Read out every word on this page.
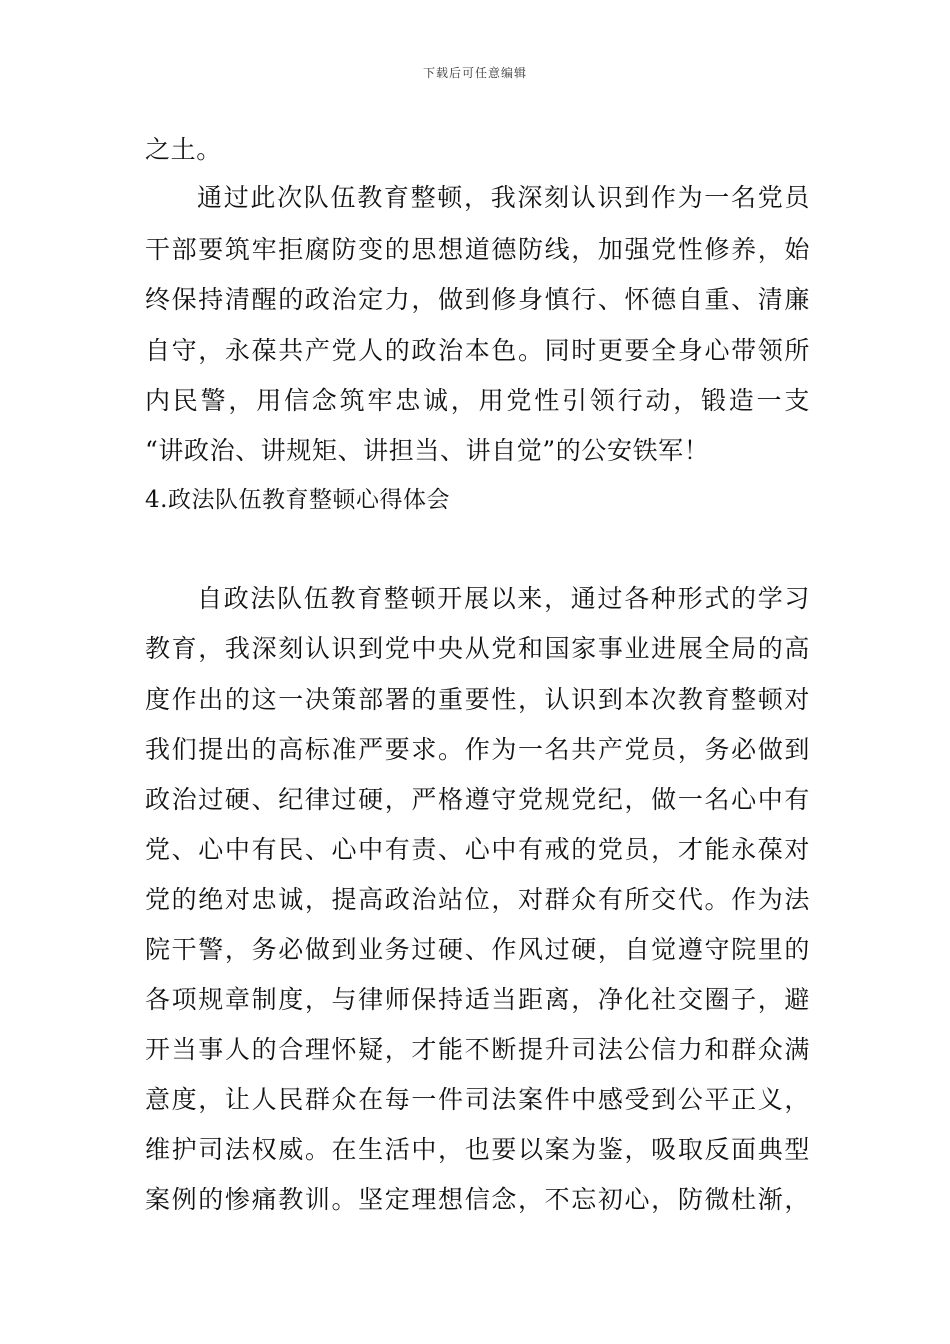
下载后可任意编辑
之土。
通过此次队伍教育整顿，我深刻认识到作为一名党员
干部要筑牢拒腐防变的思想道德防线，加强党性修养，始
终保持清醒的政治定力，做到修身慎行、怀德自重、清廉
自守，永葆共产党人的政治本色。同时更要全身心带领所
内民警，用信念筑牢忠诚，用党性引领行动，锻造一支
“讲政治、讲规矩、讲担当、讲自觉”的公安铁军！
4.政法队伍教育整顿心得体会
自政法队伍教育整顿开展以来，通过各种形式的学习
教育，我深刻认识到党中央从党和国家事业进展全局的高
度作出的这一决策部署的重要性，认识到本次教育整顿对
我们提出的高标准严要求。作为一名共产党员，务必做到
政治过硬、纪律过硬，严格遵守党规党纪，做一名心中有
党、心中有民、心中有责、心中有戒的党员，才能永葆对
党的绝对忠诚，提高政治站位，对群众有所交代。作为法
院干警，务必做到业务过硬、作风过硬，自觉遵守院里的
各项规章制度，与律师保持适当距离，净化社交圈子，避
开当事人的合理怀疑，才能不断提升司法公信力和群众满
意度，让人民群众在每一件司法案件中感受到公平正义，
维护司法权威。在生活中，也要以案为鉴，吸取反面典型
案例的惨痛教训。坚定理想信念，不忘初心，防微杜渐，
